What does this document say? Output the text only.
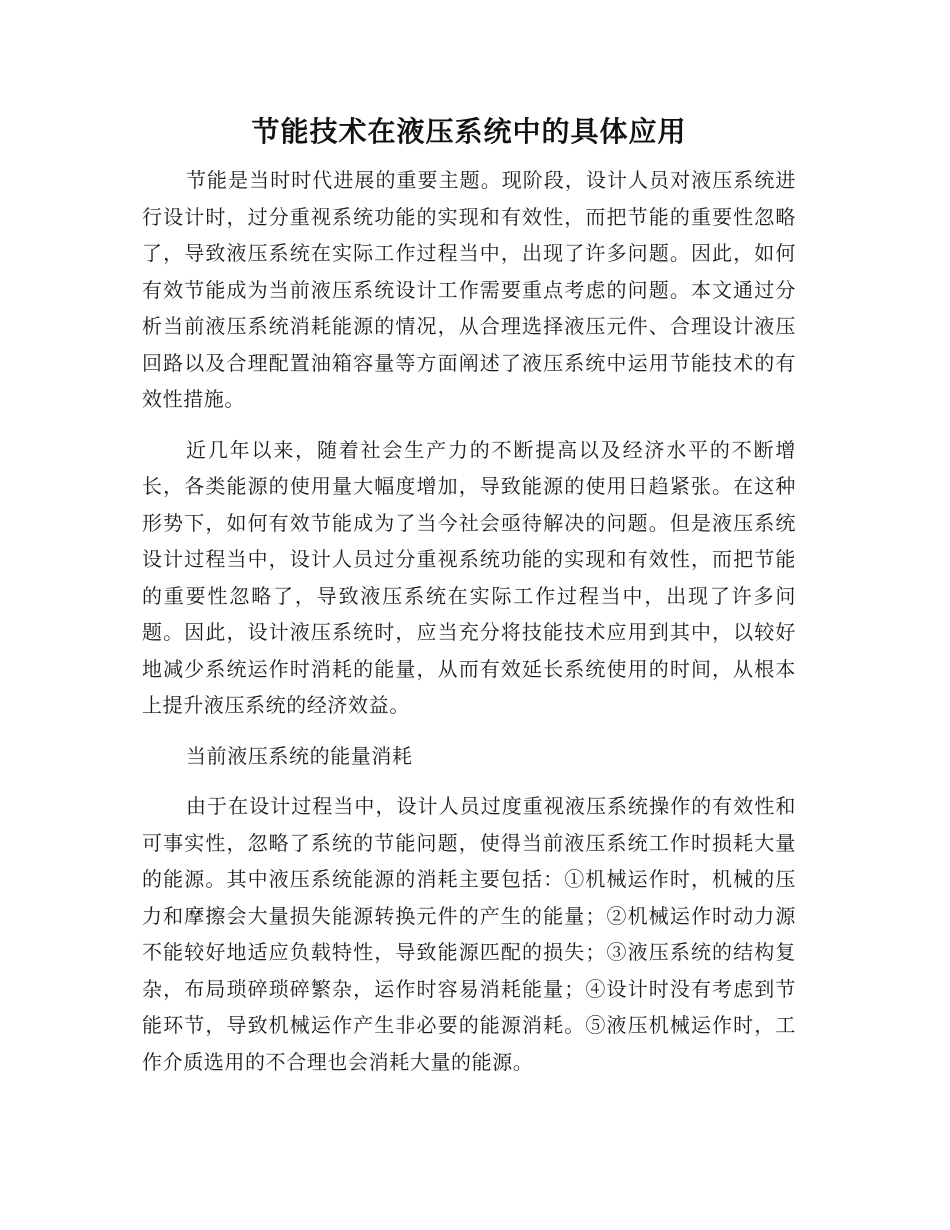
节能技术在液压系统中的具体应用

节能是当时时代进展的重要主题。现阶段，设计人员对液压系统进行设计时，过分重视系统功能的实现和有效性，而把节能的重要性忽略了，导致液压系统在实际工作过程当中，出现了许多问题。因此，如何有效节能成为当前液压系统设计工作需要重点考虑的问题。本文通过分析当前液压系统消耗能源的情况，从合理选择液压元件、合理设计液压回路以及合理配置油箱容量等方面阐述了液压系统中运用节能技术的有效性措施。

近几年以来，随着社会生产力的不断提高以及经济水平的不断增长，各类能源的使用量大幅度增加，导致能源的使用日趋紧张。在这种形势下，如何有效节能成为了当今社会亟待解决的问题。但是液压系统设计过程当中，设计人员过分重视系统功能的实现和有效性，而把节能的重要性忽略了，导致液压系统在实际工作过程当中，出现了许多问题。因此，设计液压系统时，应当充分将技能技术应用到其中，以较好地减少系统运作时消耗的能量，从而有效延长系统使用的时间，从根本上提升液压系统的经济效益。

当前液压系统的能量消耗

由于在设计过程当中，设计人员过度重视液压系统操作的有效性和可事实性，忽略了系统的节能问题，使得当前液压系统工作时损耗大量的能源。其中液压系统能源的消耗主要包括：①机械运作时，机械的压力和摩擦会大量损失能源转换元件的产生的能量；②机械运作时动力源不能较好地适应负载特性，导致能源匹配的损失；③液压系统的结构复杂，布局琐碎琐碎繁杂，运作时容易消耗能量；④设计时没有考虑到节能环节，导致机械运作产生非必要的能源消耗。⑤液压机械运作时，工作介质选用的不合理也会消耗大量的能源。
